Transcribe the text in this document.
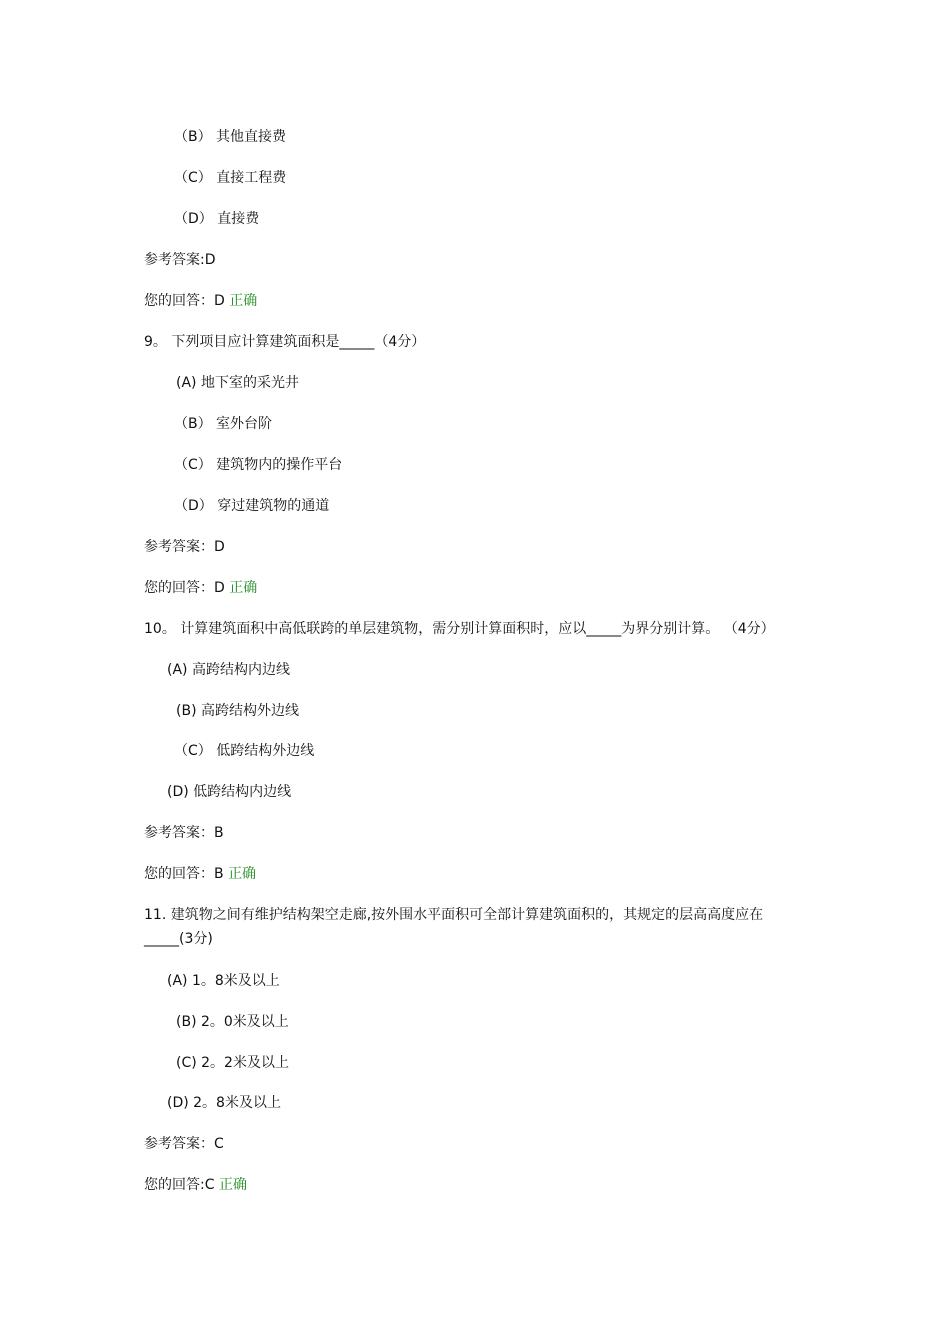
（B） 其他直接费
（C） 直接工程费
（D） 直接费
参考答案:D
您的回答：D 正确
9。 下列项目应计算建筑面积是_____（4分）
(A) 地下室的采光井
（B） 室外台阶
（C） 建筑物内的操作平台
（D） 穿过建筑物的通道
参考答案：D
您的回答：D 正确
10。 计算建筑面积中高低联跨的单层建筑物，需分别计算面积时，应以_____为界分别计算。 （4分）
(A) 高跨结构内边线
(B) 高跨结构外边线
（C） 低跨结构外边线
(D) 低跨结构内边线
参考答案：B
您的回答：B 正确
11. 建筑物之间有维护结构架空走廊,按外围水平面积可全部计算建筑面积的，其规定的层高高度应在_____(3分)
(A) 1。8米及以上
(B) 2。0米及以上
(C) 2。2米及以上
(D) 2。8米及以上
参考答案：C
您的回答:C 正确
